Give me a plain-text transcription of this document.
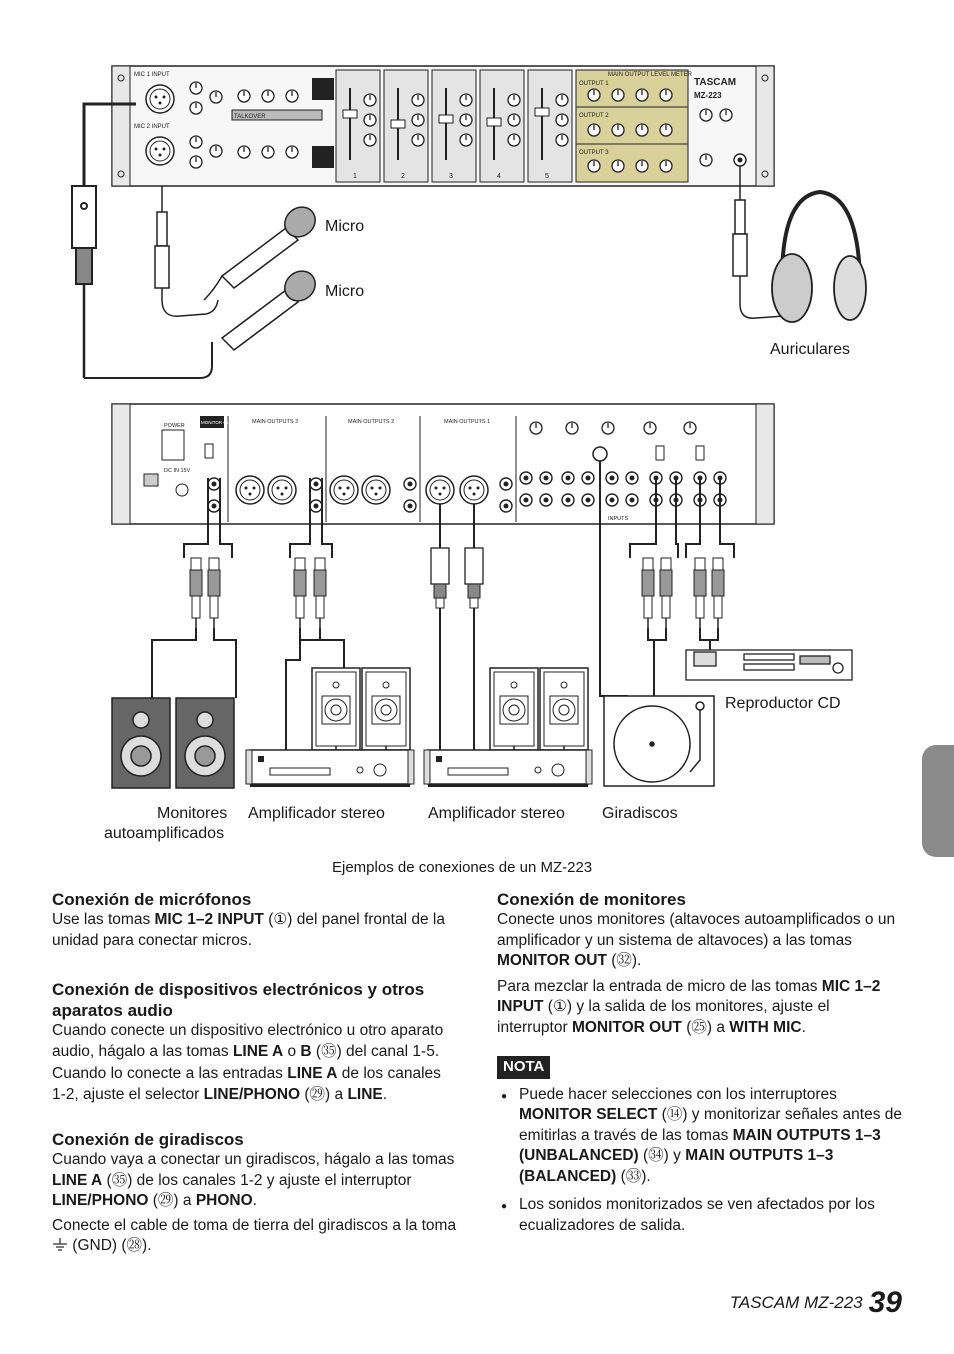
MIC 1 INPUT
MIC 2 INPUT
TALKOVER
MAIN OUTPUT LEVEL METER
OUTPUT 1
OUTPUT 2
OUTPUT 3
1	2	3	4	5
TASCAM
MZ-223
POWER
DC IN 15V
MONITOR OUT	MAIN OUTPUTS 3	MAIN OUTPUTS 2	MAIN OUTPUTS 1
INPUTS
Micro
Micro
Auriculares
Reproductor CD
Monitores
autoamplificados
Amplificador stereo	Amplificador stereo Giradiscos
Ejemplos de conexiones de un MZ-223
Conexión de micrófonos

Use las tomas MIC 1–2 INPUT (①) del panel frontal de la unidad para conectar micros.

Conexión de dispositivos electrónicos y otros aparatos audio

Cuando conecte un dispositivo electrónico u otro aparato audio, hágalo a las tomas LINE A o B (㉟) del canal 1-5.

Cuando lo conecte a las entradas LINE A de los canales 1-2, ajuste el selector LINE/PHONO (㉙) a LINE.

Conexión de giradiscos

Cuando vaya a conectar un giradiscos, hágalo a las tomas LINE A (㉟) de los canales 1-2 y ajuste el interruptor LINE/PHONO (㉙) a PHONO.

Conecte el cable de toma de tierra del giradiscos a la toma  (GND) (㉘).

Conexión de monitores

Conecte unos monitores (altavoces autoamplificados o un amplificador y un sistema de altavoces) a las tomas MONITOR OUT (㉜).

Para mezclar la entrada de micro de las tomas MIC 1–2 INPUT (①) y la salida de los monitores, ajuste el interruptor MONITOR OUT (㉕) a WITH MIC.

NOTA
● Puede hacer selecciones con los interruptores MONITOR SELECT (⑭) y monitorizar señales antes de emitirlas a través de las tomas MAIN OUTPUTS 1–3 (UNBALANCED) (㉞) y MAIN OUTPUTS 1–3 (BALANCED) (㉝).
● Los sonidos monitorizados se ven afectados por los ecualizadores de salida.
TASCAM MZ-223 39
